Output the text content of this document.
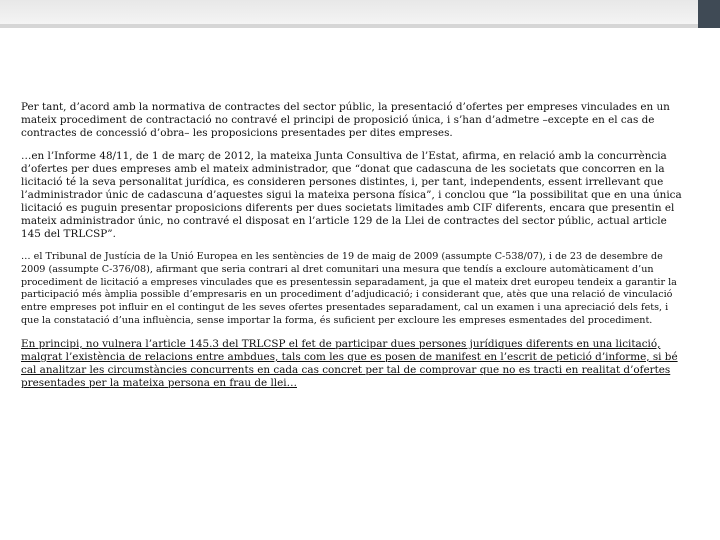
Per tant, d’acord amb la normativa de contractes del sector públic, la presentació d’ofertes per empreses vinculades en un mateix procediment de contractació no contravé el principi de proposició única, i s’han d’admetre –excepte en el cas de contractes de concessió d’obra– les proposicions presentades per dites empreses.

…en l’Informe 48/11, de 1 de març de 2012, la mateixa Junta Consultiva de l’Estat, afirma, en relació amb la concurrència d’ofertes per dues empreses amb el mateix administrador, que “donat que cadascuna de les societats que concorren en la licitació té la seva personalitat jurídica, es consideren persones distintes, i, per tant, independents, essent irrellevant que l’administrador únic de cadascuna d’aquestes sigui la mateixa persona física”, i conclou que “la possibilitat que en una única licitació es puguin presentar proposicions diferents per dues societats limitades amb CIF diferents, encara que presentin el mateix administrador únic, no contravé el disposat en l’article 129 de la Llei de contractes del sector públic, actual article 145 del TRLCSP”.

… el Tribunal de Justícia de la Unió Europea en les sentències de 19 de maig de 2009 (assumpte C-538/07), i de 23 de desembre de 2009 (assumpte C-376/08), afirmant que seria contrari al dret comunitari una mesura que tendís a excloure automàticament d’un procediment de licitació a empreses vinculades que es presentessin separadament, ja que el mateix dret europeu tendeix a garantir la participació més àmplia possible d’empresaris en un procediment d’adjudicació; i considerant que, atès que una relació de vinculació entre empreses pot influir en el contingut de les seves ofertes presentades separadament, cal un examen i una apreciació dels fets, i que la constatació d’una influència, sense importar la forma, és suficient per excloure les empreses esmentades del procediment.

En principi, no vulnera l’article 145.3 del TRLCSP el fet de participar dues persones jurídiques diferents en una licitació, malgrat l’existència de relacions entre ambdues, tals com les que es posen de manifest en l’escrit de petició d’informe, si bé cal analitzar les circumstàncies concurrents en cada cas concret per tal de comprovar que no es tracti en realitat d’ofertes presentades per la mateixa persona en frau de llei…
